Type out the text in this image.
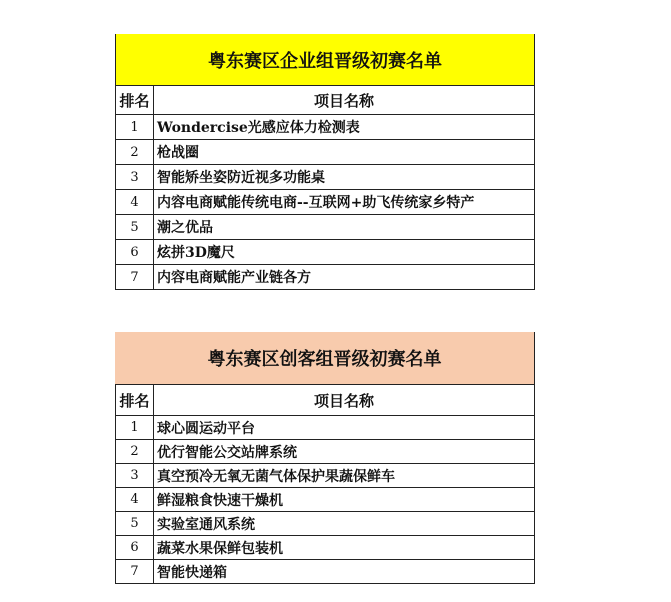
粤东赛区企业组晋级初赛名单
排名	项目名称
1	Wondercise光感应体力检测表
2	枪战圈
3	智能矫坐姿防近视多功能桌
4	内容电商赋能传统电商--互联网+助飞传统家乡特产
5	潮之优品
6	炫拼3D魔尺
7	内容电商赋能产业链各方
粤东赛区创客组晋级初赛名单
排名	项目名称
1	球心圆运动平台
2	优行智能公交站牌系统
3	真空预冷无氧无菌气体保护果蔬保鲜车
4	鲜湿粮食快速干燥机
5	实验室通风系统
6	蔬菜水果保鲜包装机
7	智能快递箱
